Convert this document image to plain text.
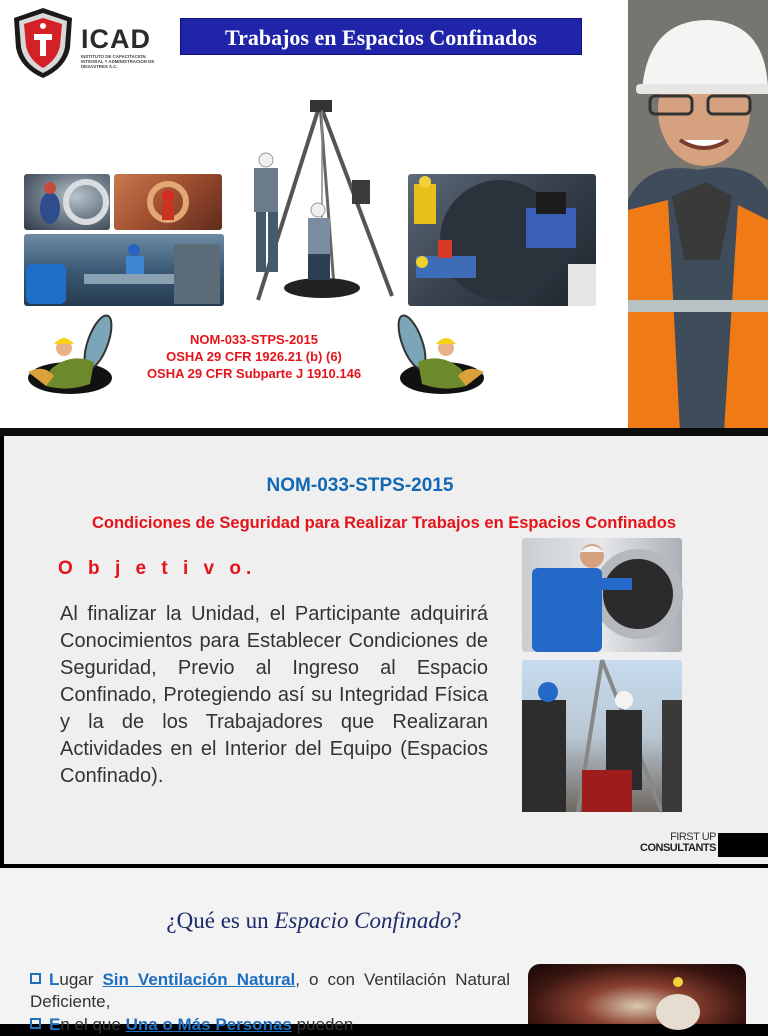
ICAD
INSTITUTO DE CAPACITACION INTEGRAL Y ADMINISTRACION DE DESASTRES A.C.
Trabajos en Espacios Confinados
NOM-033-STPS-2015
OSHA 29 CFR 1926.21 (b) (6)
OSHA 29 CFR Subparte J 1910.146
NOM-033-STPS-2015
Condiciones de Seguridad para Realizar Trabajos en Espacios Confinados
O b j e t i v o.
Al finalizar la Unidad, el Participante adquirirá Conocimientos para Establecer Condiciones de Seguridad, Previo al Ingreso al Espacio Confinado, Protegiendo así su Integridad Física y la de los Trabajadores que Realizaran Actividades en el Interior del Equipo (Espacios Confinado).
FIRST UP
CONSULTANTS
¿Qué es un Espacio Confinado?
Lugar Sin Ventilación Natural, o con Ventilación Natural Deficiente,
En el que Una o Más Personas pueden
